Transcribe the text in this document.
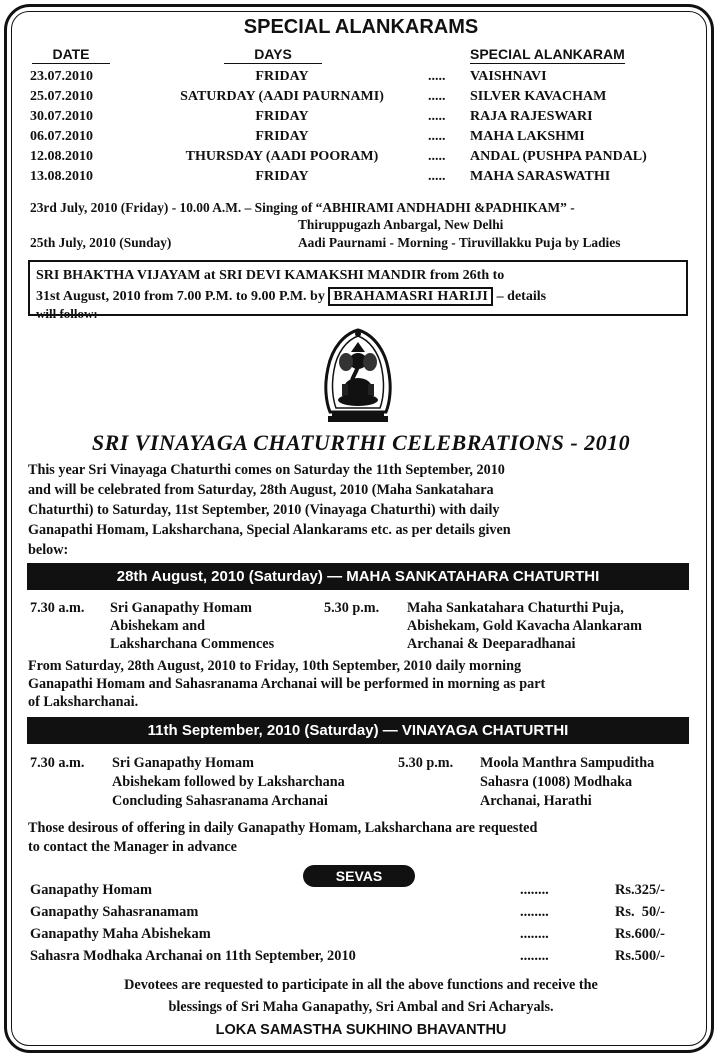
SPECIAL ALANKARAMS
DATE	DAYS	SPECIAL ALANKARAM
23.07.2010	FRIDAY	..... VAISHNAVI
25.07.2010	SATURDAY (AADI PAURNAMI)	..... SILVER KAVACHAM
30.07.2010	FRIDAY	..... RAJA RAJESWARI
06.07.2010	FRIDAY	..... MAHA LAKSHMI
12.08.2010	THURSDAY (AADI POORAM)	..... ANDAL (PUSHPA PANDAL)
13.08.2010	FRIDAY	..... MAHA SARASWATHI
23rd July, 2010 (Friday) - 10.00 A.M. – Singing of “ABHIRAMI ANDHADHI &PADHIKAM” -
Thiruppugazh Anbargal, New Delhi
25th July, 2010 (Sunday)	Aadi Paurnami - Morning - Tiruvillakku Puja by Ladies
SRI BHAKTHA VIJAYAM at SRI DEVI KAMAKSHI MANDIR from 26th to
31st August, 2010 from 7.00 P.M. to 9.00 P.M. by BRAHAMASRI HARIJI – details
will follow:
SRI VINAYAGA CHATURTHI CELEBRATIONS - 2010
This year Sri Vinayaga Chaturthi comes on Saturday the 11th September, 2010
and will be celebrated from Saturday, 28th August, 2010 (Maha Sankatahara
Chaturthi) to Saturday, 11st September, 2010 (Vinayaga Chaturthi) with daily
Ganapathi Homam, Laksharchana, Special Alankarams etc. as per details given
below:
28th August, 2010 (Saturday) — MAHA SANKATAHARA CHATURTHI
7.30 a.m. Sri Ganapathy Homam
Abishekam and
Laksharchana Commences
5.30 p.m. Maha Sankatahara Chaturthi Puja,
Abishekam, Gold Kavacha Alankaram
Archanai & Deeparadhanai
From Saturday, 28th August, 2010 to Friday, 10th September, 2010 daily morning
Ganapathi Homam and Sahasranama Archanai will be performed in morning as part
of Laksharchanai.
11th September, 2010 (Saturday) — VINAYAGA CHATURTHI
7.30 a.m. Sri Ganapathy Homam
Abishekam followed by Laksharchana
Concluding Sahasranama Archanai
5.30 p.m. Moola Manthra Sampuditha
Sahasra (1008) Modhaka
Archanai, Harathi
Those desirous of offering in daily Ganapathy Homam, Laksharchana are requested
to contact the Manager in advance
SEVAS
Ganapathy Homam	........	Rs.325/-
Ganapathy Sahasranamam	........	Rs.  50/-
Ganapathy Maha Abishekam	........	Rs.600/-
Sahasra Modhaka Archanai on 11th September, 2010	........	Rs.500/-
Devotees are requested to participate in all the above functions and receive the
blessings of Sri Maha Ganapathy, Sri Ambal and Sri Acharyals.
LOKA SAMASTHA SUKHINO BHAVANTHU
